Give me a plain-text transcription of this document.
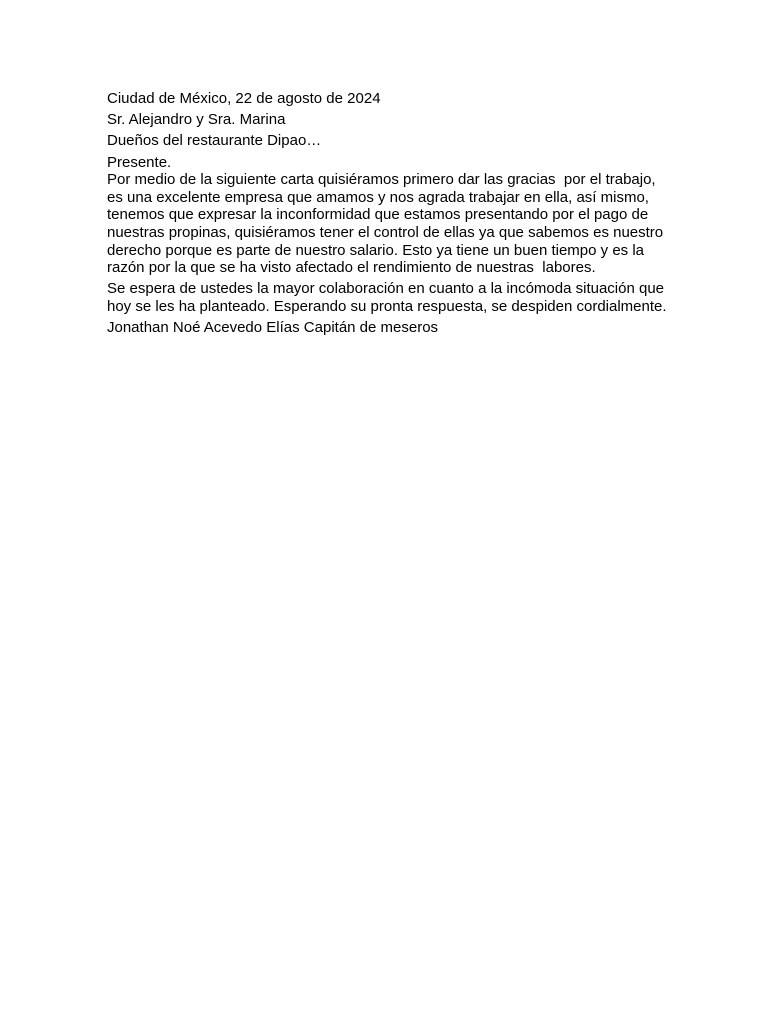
Ciudad de México, 22 de agosto de 2024

Sr. Alejandro y Sra. Marina

Dueños del restaurante Dipao…

Presente.

Por medio de la siguiente carta quisiéramos primero dar las gracias  por el trabajo, es una excelente empresa que amamos y nos agrada trabajar en ella, así mismo, tenemos que expresar la inconformidad que estamos presentando por el pago de nuestras propinas, quisiéramos tener el control de ellas ya que sabemos es nuestro derecho porque es parte de nuestro salario. Esto ya tiene un buen tiempo y es la razón por la que se ha visto afectado el rendimiento de nuestras  labores.

Se espera de ustedes la mayor colaboración en cuanto a la incómoda situación que hoy se les ha planteado. Esperando su pronta respuesta, se despiden cordialmente.

Jonathan Noé Acevedo Elías Capitán de meseros
